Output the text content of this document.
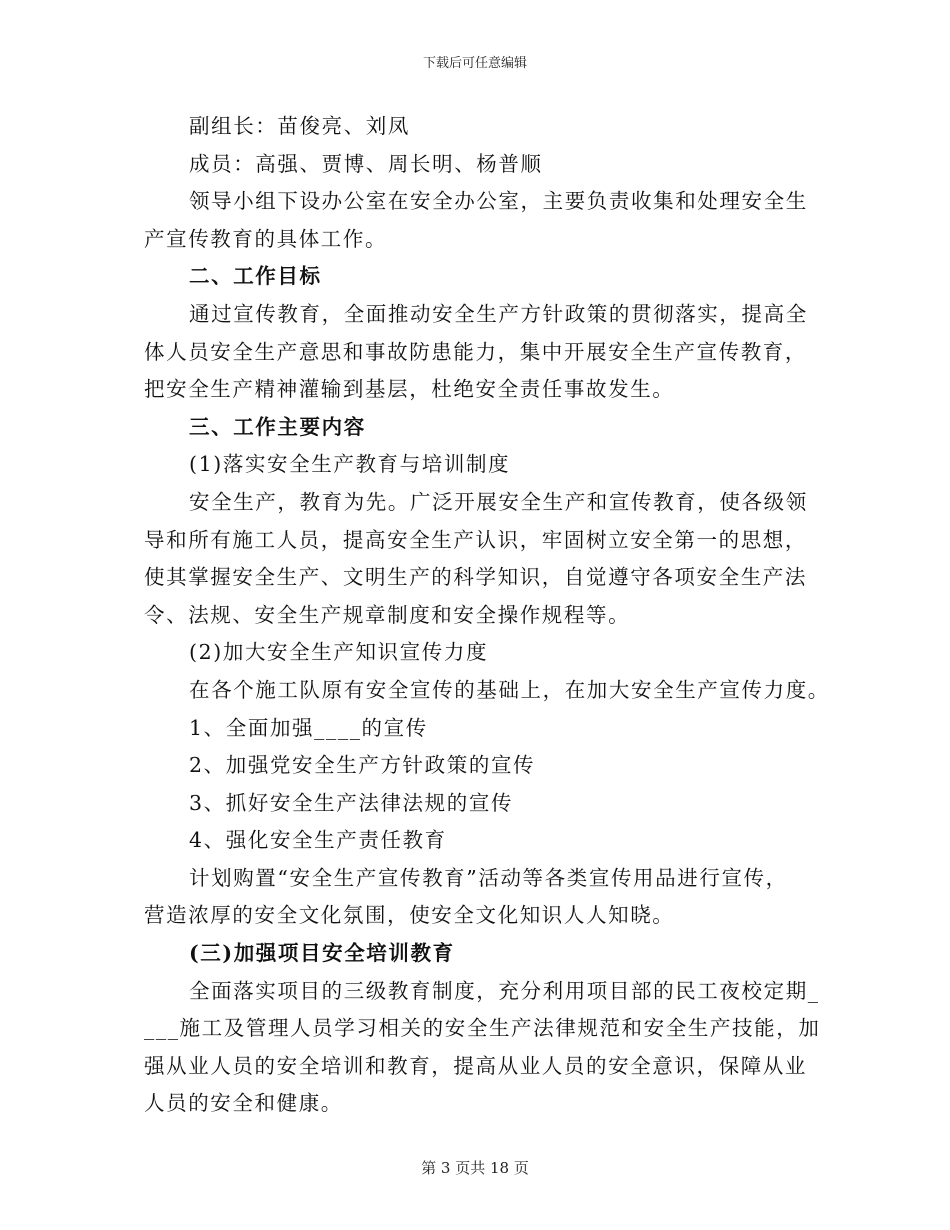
下载后可任意编辑
副组长：苗俊亮、刘凤
成员：高强、贾博、周长明、杨普顺
领导小组下设办公室在安全办公室，主要负责收集和处理安全生
产宣传教育的具体工作。
二、工作目标
通过宣传教育，全面推动安全生产方针政策的贯彻落实，提高全
体人员安全生产意思和事故防患能力，集中开展安全生产宣传教育，
把安全生产精神灌输到基层，杜绝安全责任事故发生。
三、工作主要内容
(1)落实安全生产教育与培训制度
安全生产，教育为先。广泛开展安全生产和宣传教育，使各级领
导和所有施工人员，提高安全生产认识，牢固树立安全第一的思想，
使其掌握安全生产、文明生产的科学知识，自觉遵守各项安全生产法
令、法规、安全生产规章制度和安全操作规程等。
(2)加大安全生产知识宣传力度
在各个施工队原有安全宣传的基础上，在加大安全生产宣传力度。
1、全面加强____的宣传
2、加强党安全生产方针政策的宣传
3、抓好安全生产法律法规的宣传
4、强化安全生产责任教育
计划购置“安全生产宣传教育”活动等各类宣传用品进行宣传，
营造浓厚的安全文化氛围，使安全文化知识人人知晓。
(三)加强项目安全培训教育
全面落实项目的三级教育制度，充分利用项目部的民工夜校定期_
___施工及管理人员学习相关的安全生产法律规范和安全生产技能，加
强从业人员的安全培训和教育，提高从业人员的安全意识，保障从业
人员的安全和健康。
第 3 页共 18 页
